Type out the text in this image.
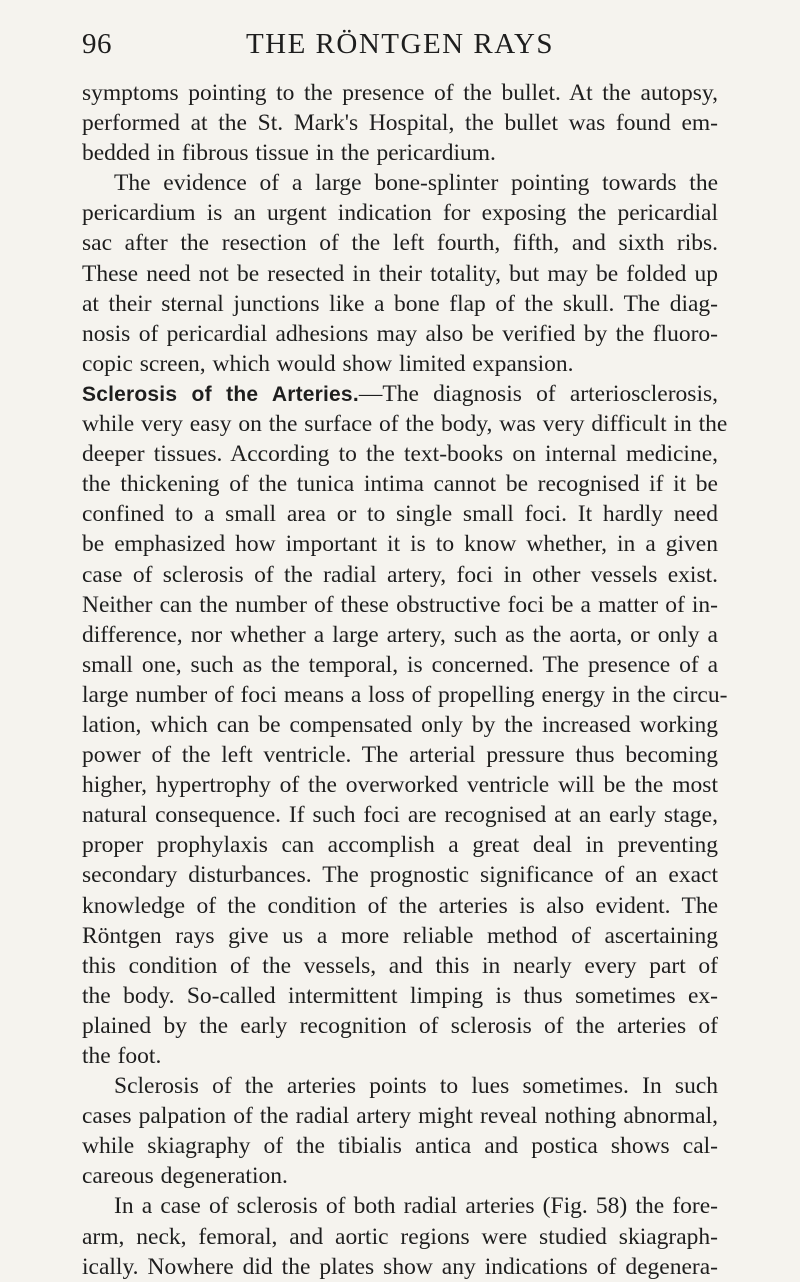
96	THE RÖNTGEN RAYS
symptoms pointing to the presence of the bullet. At the autopsy,
performed at the St. Mark's Hospital, the bullet was found em-
bedded in fibrous tissue in the pericardium.
The evidence of a large bone-splinter pointing towards the
pericardium is an urgent indication for exposing the pericardial
sac after the resection of the left fourth, fifth, and sixth ribs.
These need not be resected in their totality, but may be folded up
at their sternal junctions like a bone flap of the skull. The diag-
nosis of pericardial adhesions may also be verified by the fluoro-
copic screen, which would show limited expansion.
Sclerosis of the Arteries.—The diagnosis of arteriosclerosis,
while very easy on the surface of the body, was very difficult in the
deeper tissues. According to the text-books on internal medicine,
the thickening of the tunica intima cannot be recognised if it be
confined to a small area or to single small foci. It hardly need
be emphasized how important it is to know whether, in a given
case of sclerosis of the radial artery, foci in other vessels exist.
Neither can the number of these obstructive foci be a matter of in-
difference, nor whether a large artery, such as the aorta, or only a
small one, such as the temporal, is concerned. The presence of a
large number of foci means a loss of propelling energy in the circu-
lation, which can be compensated only by the increased working
power of the left ventricle. The arterial pressure thus becoming
higher, hypertrophy of the overworked ventricle will be the most
natural consequence. If such foci are recognised at an early stage,
proper prophylaxis can accomplish a great deal in preventing
secondary disturbances. The prognostic significance of an exact
knowledge of the condition of the arteries is also evident. The
Röntgen rays give us a more reliable method of ascertaining
this condition of the vessels, and this in nearly every part of
the body. So-called intermittent limping is thus sometimes ex-
plained by the early recognition of sclerosis of the arteries of
the foot.
Sclerosis of the arteries points to lues sometimes. In such
cases palpation of the radial artery might reveal nothing abnormal,
while skiagraphy of the tibialis antica and postica shows cal-
careous degeneration.
In a case of sclerosis of both radial arteries (Fig. 58) the fore-
arm, neck, femoral, and aortic regions were studied skiagraph-
ically. Nowhere did the plates show any indications of degenera-
